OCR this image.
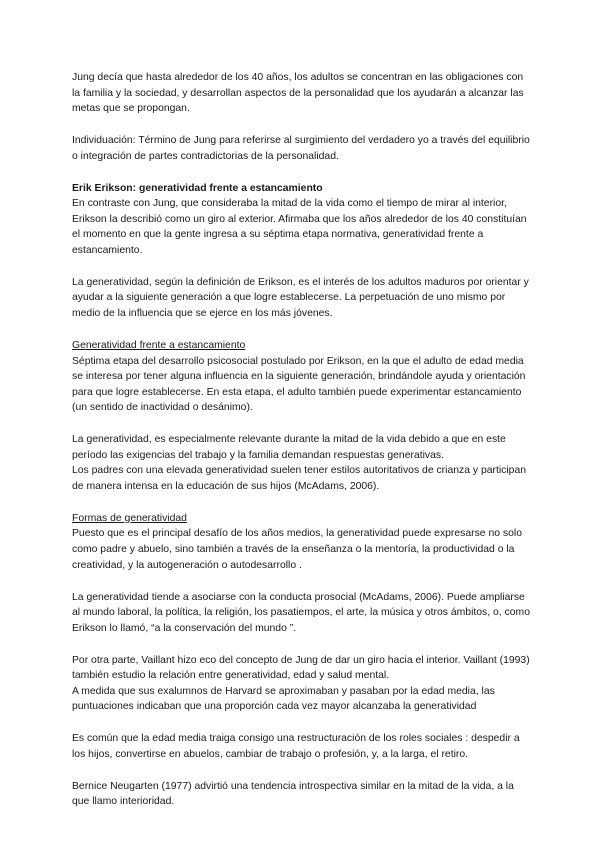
Jung decía que hasta alrededor de los 40 años, los adultos se concentran en las obligaciones con la familia y la sociedad, y desarrollan aspectos de la personalidad que los ayudarán a alcanzar las metas que se propongan.

Individuación: Término de Jung para referirse al surgimiento del verdadero yo a través del equilibrio o integración de partes contradictorias de la personalidad.

Erik Erikson: generatividad frente a estancamiento
En contraste con Jung, que consideraba la mitad de la vida como el tiempo de mirar al interior, Erikson la describió como un giro al exterior. Afirmaba que los años alrededor de los 40 constituían el momento en que la gente ingresa a su séptima etapa normativa, generatividad frente a estancamiento.

La generatividad, según la definición de Erikson, es el interés de los adultos maduros por orientar y ayudar a la siguiente generación a que logre establecerse. La perpetuación de uno mismo por medio de la influencia que se ejerce en los más jóvenes.

Generatividad frente a estancamiento
Séptima etapa del desarrollo psicosocial postulado por Erikson, en la que el adulto de edad media se interesa por tener alguna influencia en la siguiente generación, brindándole ayuda y orientación para que logre establecerse. En esta etapa, el adulto también puede experimentar estancamiento (un sentido de inactividad o desánimo).

La generatividad, es especialmente relevante durante la mitad de la vida debido a que en este período las exigencias del trabajo y la familia demandan respuestas generativas.
Los padres con una elevada generatividad suelen tener estilos autoritativos de crianza y participan de manera intensa en la educación de sus hijos (McAdams, 2006).

Formas de generatividad
Puesto que es el principal desafío de los años medios, la generatividad puede expresarse no solo como padre y abuelo, sino también a través de la enseñanza o la mentoría, la productividad o la creatividad, y la autogeneración o autodesarrollo .

La generatividad tiende a asociarse con la conducta prosocial (McAdams, 2006). Puede ampliarse al mundo laboral, la política, la religión, los pasatiempos, el arte, la música y otros ámbitos, o, como Erikson lo llamó, “a la conservación del mundo ”.

Por otra parte, Vaillant hizo eco del concepto de Jung de dar un giro hacia el interior. Vaillant (1993) también estudio la relación entre generatividad, edad y salud mental.
A medida que sus exalumnos de Harvard se aproximaban y pasaban por la edad media, las puntuaciones indicaban que una proporción cada vez mayor alcanzaba la generatividad

Es común que la edad media traiga consigo una restructuración de los roles sociales : despedir a los hijos, convertirse en abuelos, cambiar de trabajo o profesión, y, a la larga, el retiro.

Bernice Neugarten (1977) advirtió una tendencia introspectiva similar en la mitad de la vida, a la que llamo interioridad.
